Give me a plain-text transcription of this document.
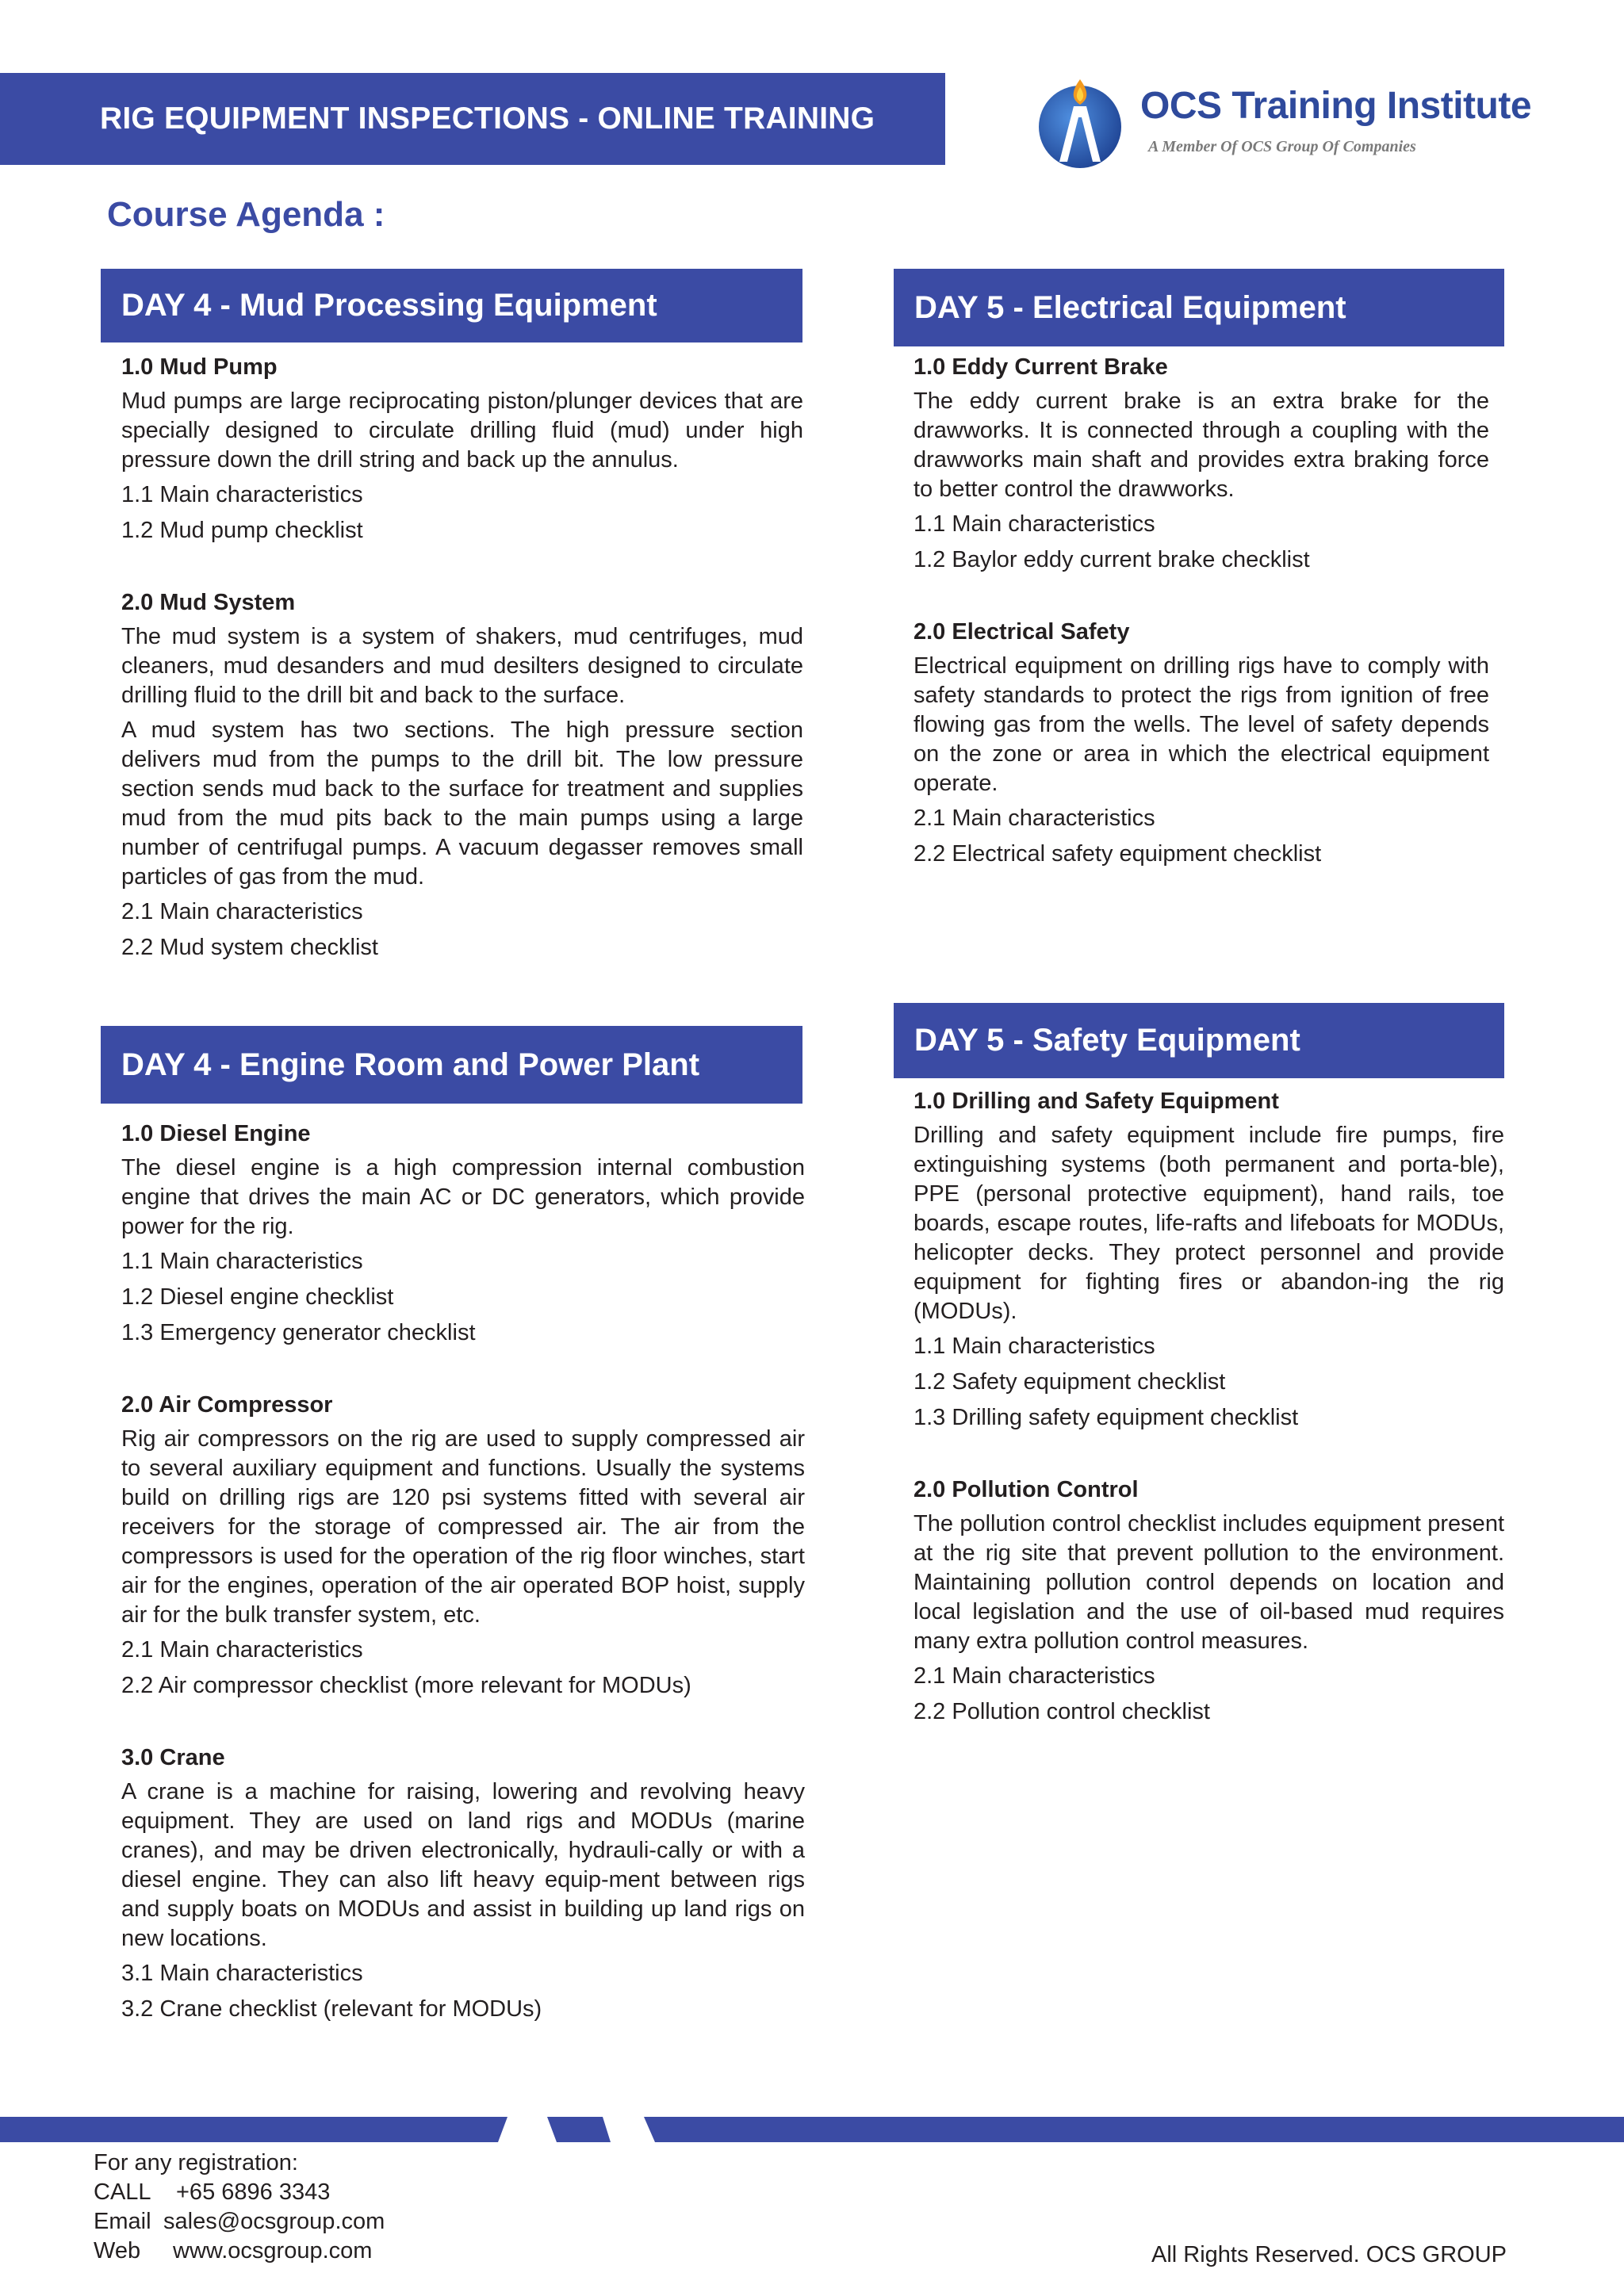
RIG EQUIPMENT INSPECTIONS - ONLINE TRAINING	OCS Training Institute
A Member Of OCS Group Of Companies
Course Agenda :
DAY 4 - Mud Processing Equipment
1.0 Mud Pump

Mud pumps are large reciprocating piston/plunger devices that are specially designed to circulate drilling fluid (mud) under high pressure down the drill string and back up the annulus.

1.1 Main characteristics
1.2 Mud pump checklist
2.0 Mud System

The mud system is a system of shakers, mud centrifuges, mud cleaners, mud desanders and mud desilters designed to circulate drilling fluid to the drill bit and back to the surface.

A mud system has two sections. The high pressure section delivers mud from the pumps to the drill bit. The low pressure section sends mud back to the surface for treatment and supplies mud from the mud pits back to the main pumps using a large number of centrifugal pumps. A vacuum degasser removes small particles of gas from the mud.

2.1 Main characteristics
2.2 Mud system checklist
DAY 4 - Engine Room and Power Plant
1.0 Diesel Engine

The diesel engine is a high compression internal combustion engine that drives the main AC or DC generators, which provide power for the rig.

1.1 Main characteristics
1.2 Diesel engine checklist
1.3 Emergency generator checklist
2.0 Air Compressor

Rig air compressors on the rig are used to supply compressed air to several auxiliary equipment and functions. Usually the systems build on drilling rigs are 120 psi systems fitted with several air receivers for the storage of compressed air. The air from the compressors is used for the operation of the rig floor winches, start air for the engines, operation of the air operated BOP hoist, supply air for the bulk transfer system, etc.

2.1 Main characteristics
2.2 Air compressor checklist (more relevant for MODUs)
3.0 Crane

A crane is a machine for raising, lowering and revolving heavy equipment. They are used on land rigs and MODUs (marine cranes), and may be driven electronically, hydrauli-cally or with a diesel engine. They can also lift heavy equip-ment between rigs and supply boats on MODUs and assist in building up land rigs on new locations.

3.1 Main characteristics
3.2 Crane checklist (relevant for MODUs)
DAY 5 - Electrical Equipment
1.0 Eddy Current Brake

The eddy current brake is an extra brake for the drawworks. It is connected through a coupling with the drawworks main shaft and provides extra braking force to better control the drawworks.

1.1 Main characteristics
1.2 Baylor eddy current brake checklist
2.0 Electrical Safety

Electrical equipment on drilling rigs have to comply with safety standards to protect the rigs from ignition of free flowing gas from the wells. The level of safety depends on the zone or area in which the electrical equipment operate.

2.1 Main characteristics
2.2 Electrical safety equipment checklist
DAY 5 - Safety Equipment
1.0 Drilling and Safety Equipment

Drilling and safety equipment include fire pumps, fire extinguishing systems (both permanent and porta-ble), PPE (personal protective equipment), hand rails, toe boards, escape routes, life-rafts and lifeboats for MODUs, helicopter decks. They protect personnel and provide equipment for fighting fires or abandon-ing the rig (MODUs).

1.1 Main characteristics
1.2 Safety equipment checklist
1.3 Drilling safety equipment checklist
2.0 Pollution Control

The pollution control checklist includes equipment present at the rig site that prevent pollution to the environment. Maintaining pollution control depends on location and local legislation and the use of oil-based mud requires many extra pollution control measures.

2.1 Main characteristics
2.2 Pollution control checklist
For any registration:
CALL +65 6896 3343
Email sales@ocsgroup.com
Web www.ocsgroup.com	All Rights Reserved. OCS GROUP
